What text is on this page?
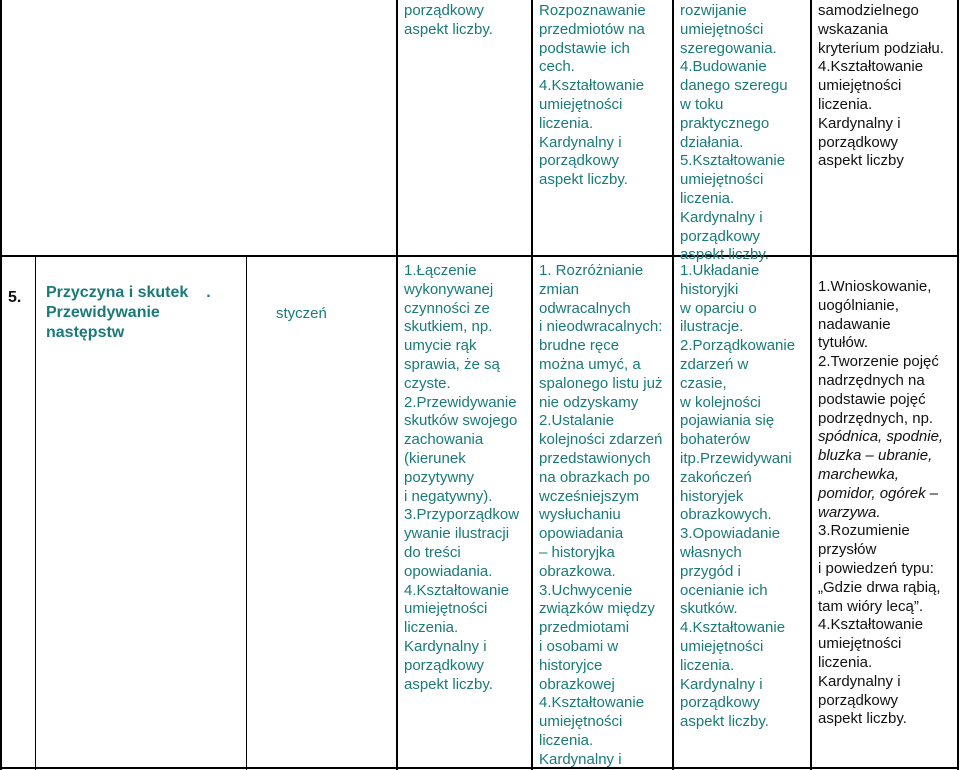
porządkowy
aspekt liczby.
Rozpoznawanie
przedmiotów na
podstawie ich
cech.
4.Kształtowanie
umiejętności
liczenia.
Kardynalny i
porządkowy
aspekt liczby.
rozwijanie
umiejętności
szeregowania.
4.Budowanie
danego szeregu
w toku
praktycznego
działania.
5.Kształtowanie
umiejętności
liczenia.
Kardynalny i
porządkowy
aspekt liczby.
samodzielnego
wskazania
kryterium podziału.
4.Kształtowanie
umiejętności
liczenia.
Kardynalny i
porządkowy
aspekt liczby
5. Przyczyna i skutek .
Przewidywanie
następstw
styczeń
1.Łączenie
wykonywanej
czynności ze
skutkiem, np.
umycie rąk
sprawia, że są
czyste.
2.Przewidywanie
skutków swojego
zachowania
(kierunek
pozytywny
i negatywny).
3.Przyporządkow
ywanie ilustracji
do treści
opowiadania.
4.Kształtowanie
umiejętności
liczenia.
Kardynalny i
porządkowy
aspekt liczby.
1. Rozróżnianie
zmian
odwracalnych
i nieodwracalnych:
brudne ręce
można umyć, a
spalonego listu już
nie odzyskamy
2.Ustalanie
kolejności zdarzeń
przedstawionych
na obrazkach po
wcześniejszym
wysłuchaniu
opowiadania
– historyjka
obrazkowa.
3.Uchwycenie
związków między
przedmiotami
i osobami w
historyjce
obrazkowej
4.Kształtowanie
umiejętności
liczenia.
Kardynalny i
1.Układanie
historyjki
w oparciu o
ilustracje.
2.Porządkowanie
zdarzeń w
czasie,
w kolejności
pojawiania się
bohaterów
itp.Przewidywani
zakończeń
historyjek
obrazkowych.
3.Opowiadanie
własnych
przygód i
ocenianie ich
skutków.
4.Kształtowanie
umiejętności
liczenia.
Kardynalny i
porządkowy
aspekt liczby.
1.Wnioskowanie,
uogólnianie,
nadawanie
tytułów.
2.Tworzenie pojęć
nadrzędnych na
podstawie pojęć
podrzędnych, np.
spódnica, spodnie,
bluzka – ubranie,
marchewka,
pomidor, ogórek –
warzywa.
3.Rozumienie
przysłów
i powiedzeń typu:
„Gdzie drwa rąbią,
tam wióry lecą”.
4.Kształtowanie
umiejętności
liczenia.
Kardynalny i
porządkowy
aspekt liczby.
